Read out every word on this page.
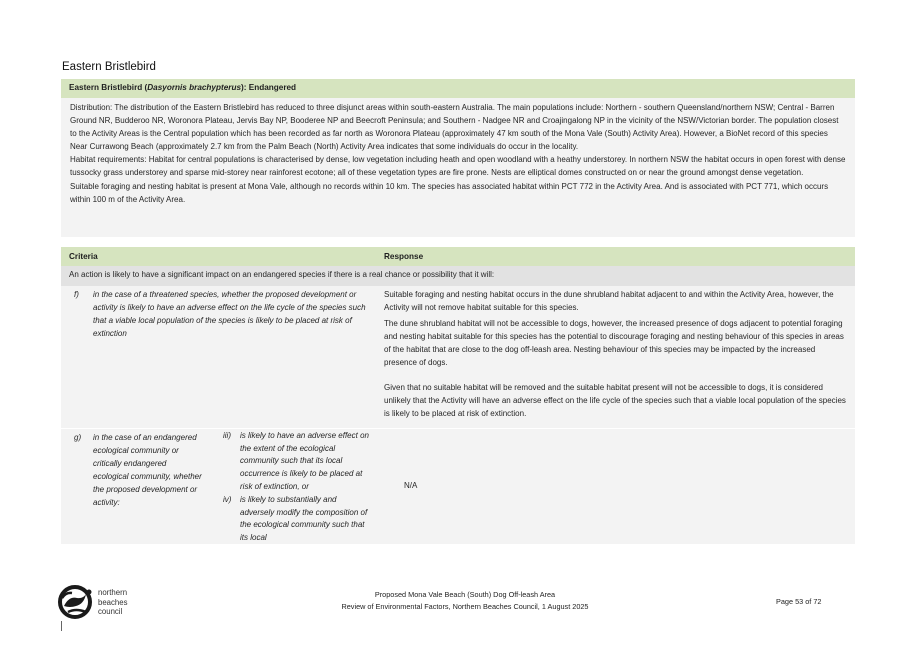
Eastern Bristlebird
Eastern Bristlebird (Dasyornis brachypterus): Endangered

Distribution: The distribution of the Eastern Bristlebird has reduced to three disjunct areas within south-eastern Australia. The main populations include: Northern - southern Queensland/northern NSW; Central - Barren Ground NR, Budderoo NR, Woronora Plateau, Jervis Bay NP, Booderee NP and Beecroft Peninsula; and Southern - Nadgee NR and Croajingalong NP in the vicinity of the NSW/Victorian border. The population closest to the Activity Areas is the Central population which has been recorded as far north as Woronora Plateau (approximately 47 km south of the Mona Vale (South) Activity Area). However, a BioNet record of this species Near Currawong Beach (approximately 2.7 km from the Palm Beach (North) Activity Area indicates that some individuals do occur in the locality.

Habitat requirements: Habitat for central populations is characterised by dense, low vegetation including heath and open woodland with a heathy understorey. In northern NSW the habitat occurs in open forest with dense tussocky grass understorey and sparse mid-storey near rainforest ecotone; all of these vegetation types are fire prone. Nests are elliptical domes constructed on or near the ground amongst dense vegetation.

Suitable foraging and nesting habitat is present at Mona Vale, although no records within 10 km. The species has associated habitat within PCT 772 in the Activity Area. And is associated with PCT 771, which occurs within 100 m of the Activity Area.

Criteria	Response
An action is likely to have a significant impact on an endangered species if there is a real chance or possibility that it will:
f) in the case of a threatened species, whether the proposed development or activity is likely to have an adverse effect on the life cycle of the species such that a viable local population of the species is likely to be placed at risk of extinction

Suitable foraging and nesting habitat occurs in the dune shrubland habitat adjacent to and within the Activity Area, however, the Activity will not remove habitat suitable for this species.

The dune shrubland habitat will not be accessible to dogs, however, the increased presence of dogs adjacent to potential foraging and nesting habitat suitable for this species has the potential to discourage foraging and nesting behaviour of this species in areas of the habitat that are close to the dog off-leash area. Nesting behaviour of this species may be impacted by the increased presence of dogs.

Given that no suitable habitat will be removed and the suitable habitat present will not be accessible to dogs, it is considered unlikely that the Activity will have an adverse effect on the life cycle of the species such that a viable local population of the species is likely to be placed at risk of extinction.

g) in the case of an endangered ecological community or critically endangered ecological community, whether the proposed development or activity:
iii) is likely to have an adverse effect on the extent of the ecological community such that its local occurrence is likely to be placed at risk of extinction, or
iv) is likely to substantially and adversely modify the composition of the ecological community such that its local
N/A
northern
beaches
council
Proposed Mona Vale Beach (South) Dog Off-leash Area
Review of Environmental Factors, Northern Beaches Council, 1 August 2025
Page 53 of 72
